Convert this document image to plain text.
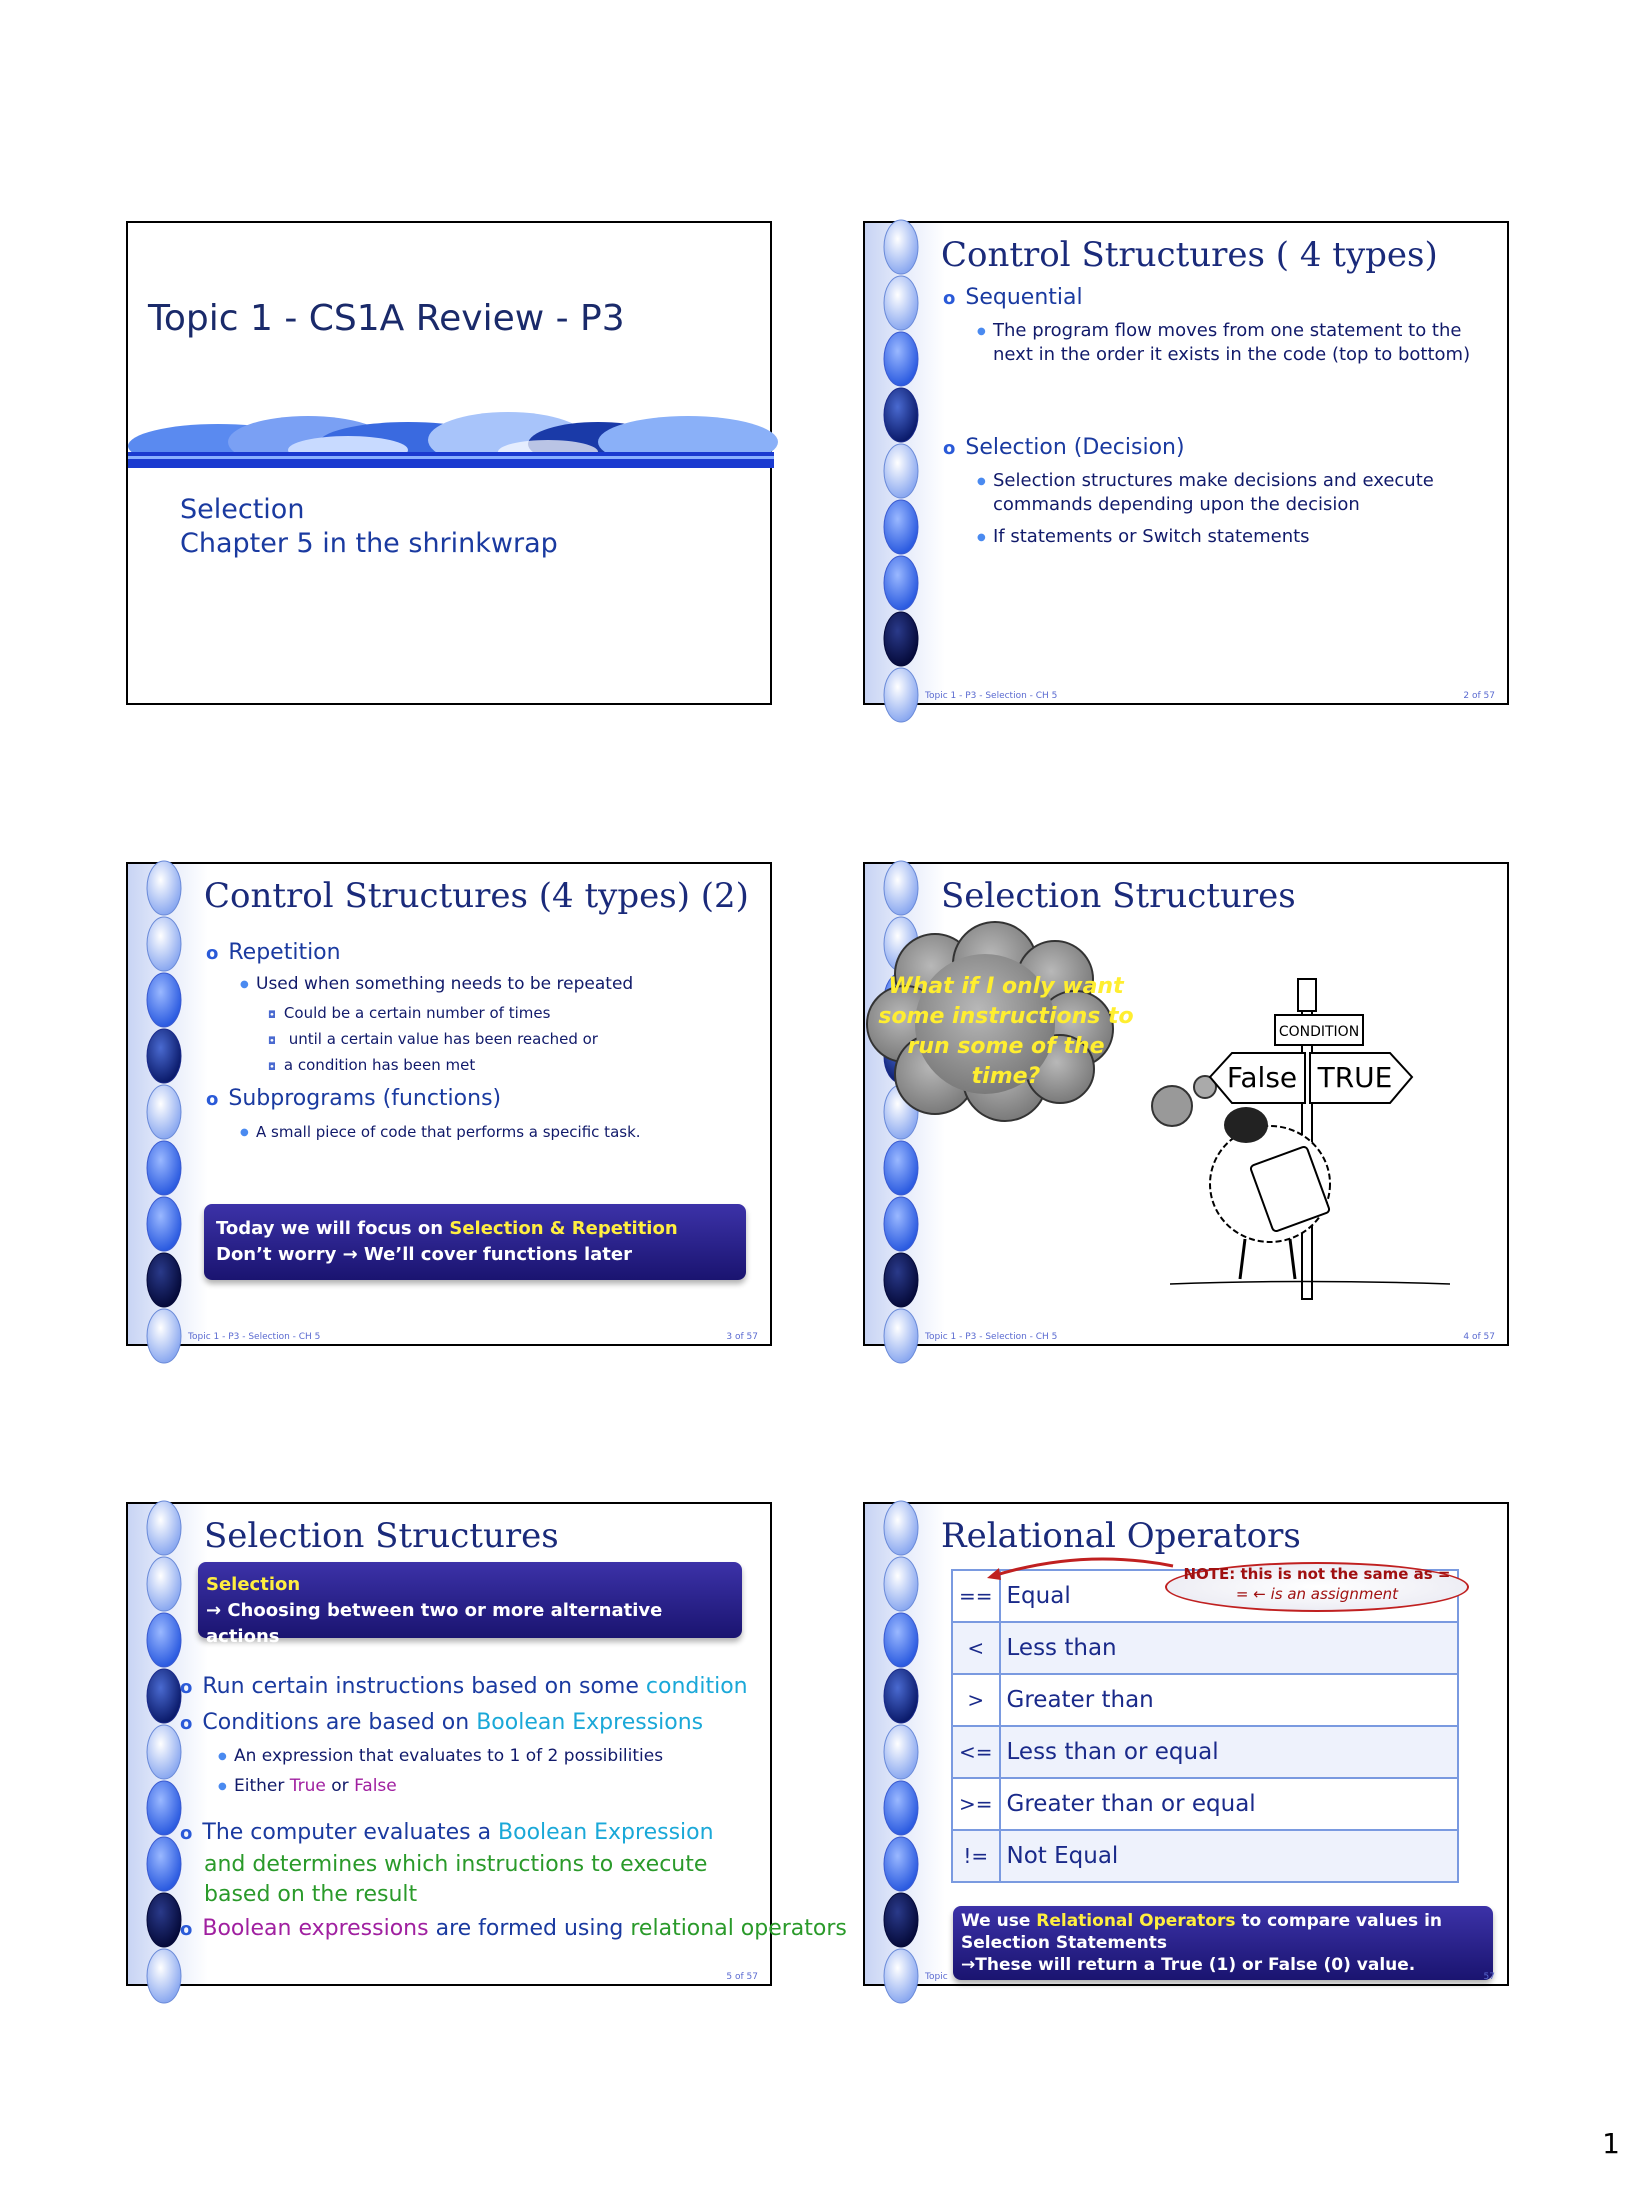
Topic 1 - CS1A Review - P3
Selection
Chapter 5 in the shrinkwrap
Control Structures ( 4 types)
o Sequential
● The program flow moves from one statement to the next in the order it exists in the code (top to bottom)
o Selection (Decision)
● Selection structures make decisions and execute commands depending upon the decision
● If statements or Switch statements
Topic 1 - P3 - Selection - CH 5	2 of 57
Control Structures (4 types) (2)
o Repetition
● Used when something needs to be repeated
◘ Could be a certain number of times
◘ until a certain value has been reached or
◘ a condition has been met
o Subprograms (functions)
● A small piece of code that performs a specific task.
Today we will focus on Selection & Repetition
Don’t worry → We’ll cover functions later
Topic 1 - P3 - Selection - CH 5	3 of 57
Selection Structures
What if I only want some instructions to run some of the time?
CONDITION
False TRUE
Topic 1 - P3 - Selection - CH 5	4 of 57
Selection Structures
Selection
→ Choosing between two or more alternative actions
o Run certain instructions based on some condition
o Conditions are based on Boolean Expressions
● An expression that evaluates to 1 of 2 possibilities
● Either True or False
o The computer evaluates a Boolean Expression
and determines which instructions to execute based on the result
o Boolean expressions are formed using relational operators
5 of 57
Relational Operators
==	Equal
<	Less than
>	Greater than
<=	Less than or equal
>=	Greater than or equal
!=	Not Equal
NOTE: this is not the same as =
= ← is an assignment
We use Relational Operators to compare values in Selection Statements
→These will return a True (1) or False (0) value.
Topic	57
1
